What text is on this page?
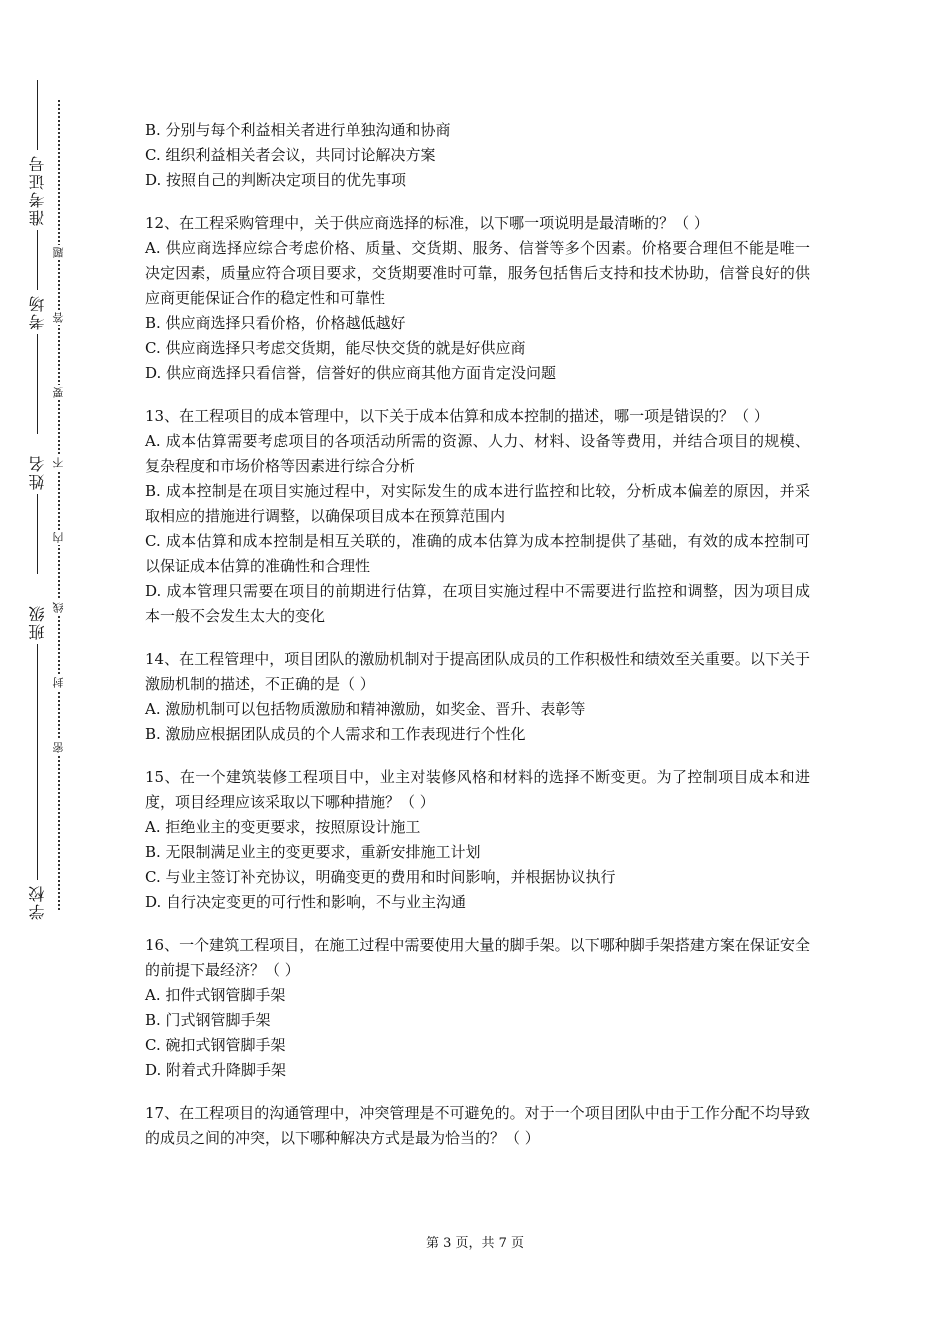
准考证号
考场
姓名
班级
学校
题
答
要
不
内
线
封
密

B. 分别与每个利益相关者进行单独沟通和协商

C. 组织利益相关者会议，共同讨论解决方案

D. 按照自己的判断决定项目的优先事项

12、在工程采购管理中，关于供应商选择的标准，以下哪一项说明是最清晰的？（ ）

A. 供应商选择应综合考虑价格、质量、交货期、服务、信誉等多个因素。价格要合理但不能是唯一决定因素，质量应符合项目要求，交货期要准时可靠，服务包括售后支持和技术协助，信誉良好的供应商更能保证合作的稳定性和可靠性

B. 供应商选择只看价格，价格越低越好

C. 供应商选择只考虑交货期，能尽快交货的就是好供应商

D. 供应商选择只看信誉，信誉好的供应商其他方面肯定没问题

13、在工程项目的成本管理中，以下关于成本估算和成本控制的描述，哪一项是错误的？（ ）

A. 成本估算需要考虑项目的各项活动所需的资源、人力、材料、设备等费用，并结合项目的规模、复杂程度和市场价格等因素进行综合分析

B. 成本控制是在项目实施过程中，对实际发生的成本进行监控和比较，分析成本偏差的原因，并采取相应的措施进行调整，以确保项目成本在预算范围内

C. 成本估算和成本控制是相互关联的，准确的成本估算为成本控制提供了基础，有效的成本控制可以保证成本估算的准确性和合理性

D. 成本管理只需要在项目的前期进行估算，在项目实施过程中不需要进行监控和调整，因为项目成本一般不会发生太大的变化

14、在工程管理中，项目团队的激励机制对于提高团队成员的工作积极性和绩效至关重要。以下关于激励机制的描述，不正确的是（ ）

A. 激励机制可以包括物质激励和精神激励，如奖金、晋升、表彰等

B. 激励应根据团队成员的个人需求和工作表现进行个性化

15、在一个建筑装修工程项目中，业主对装修风格和材料的选择不断变更。为了控制项目成本和进度，项目经理应该采取以下哪种措施？（ ）

A. 拒绝业主的变更要求，按照原设计施工

B. 无限制满足业主的变更要求，重新安排施工计划

C. 与业主签订补充协议，明确变更的费用和时间影响，并根据协议执行

D. 自行决定变更的可行性和影响，不与业主沟通

16、一个建筑工程项目，在施工过程中需要使用大量的脚手架。以下哪种脚手架搭建方案在保证安全的前提下最经济？（ ）

A. 扣件式钢管脚手架

B. 门式钢管脚手架

C. 碗扣式钢管脚手架

D. 附着式升降脚手架

17、在工程项目的沟通管理中，冲突管理是不可避免的。对于一个项目团队中由于工作分配不均导致的成员之间的冲突，以下哪种解决方式是最为恰当的？（ ）

第 3 页，共 7 页
